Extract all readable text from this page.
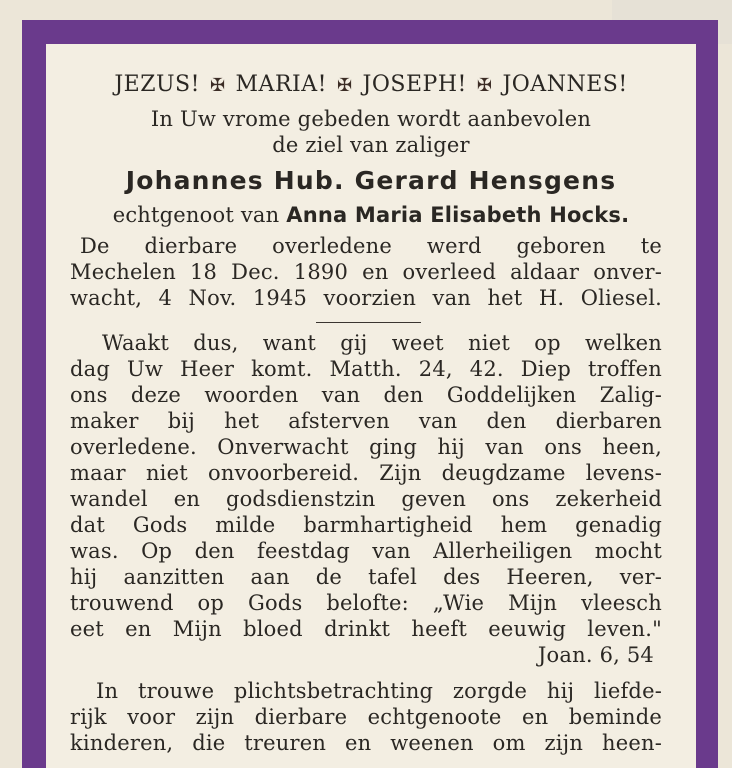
JEZUS! ✠ MARIA! ✠ JOSEPH! ✠ JOANNES!
In Uw vrome gebeden wordt aanbevolen
de ziel van zaliger
Johannes Hub. Gerard Hensgens
echtgenoot van Anna Maria Elisabeth Hocks.
De dierbare overledene werd geboren te
Mechelen 18 Dec. 1890 en overleed aldaar onver-
wacht, 4 Nov. 1945 voorzien van het H. Oliesel.
Waakt dus, want gij weet niet op welken
dag Uw Heer komt. Matth. 24, 42. Diep troffen
ons deze woorden van den Goddelijken Zalig-
maker bij het afsterven van den dierbaren
overledene. Onverwacht ging hij van ons heen,
maar niet onvoorbereid. Zijn deugdzame levens-
wandel en godsdienstzin geven ons zekerheid
dat Gods milde barmhartigheid hem genadig
was. Op den feestdag van Allerheiligen mocht
hij aanzitten aan de tafel des Heeren, ver-
trouwend op Gods belofte: „Wie Mijn vleesch
eet en Mijn bloed drinkt heeft eeuwig leven."
Joan. 6, 54
In trouwe plichtsbetrachting zorgde hij liefde-
rijk voor zijn dierbare echtgenoote en beminde
kinderen, die treuren en weenen om zijn heen-
